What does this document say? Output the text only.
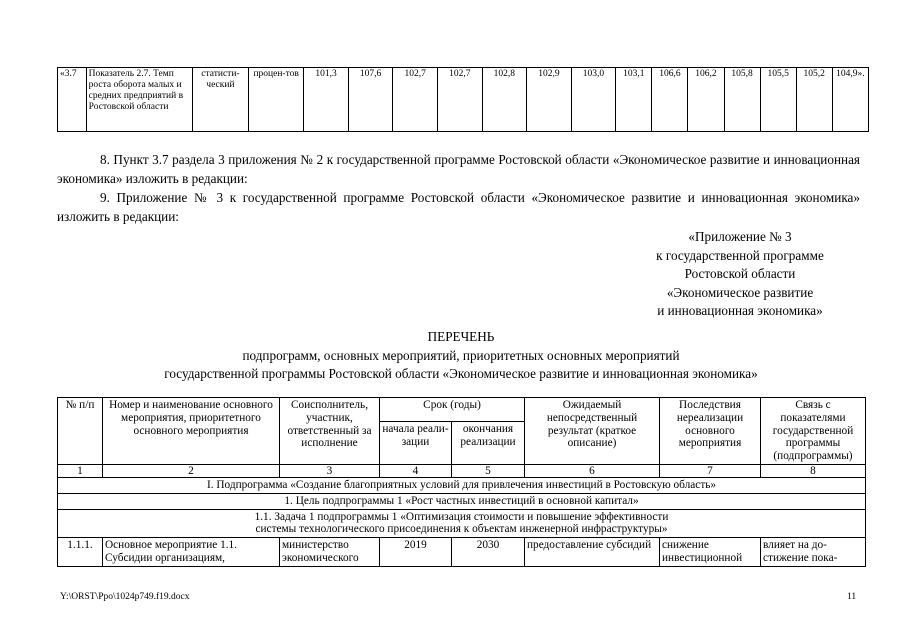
«3.7	Показатель 2.7. Темп роста оборота малых и средних предприятий в Ростовской области	статисти-ческий	процен-тов	101,3	107,6	102,7	102,7	102,8	102,9	103,0	103,1	106,6	106,2	105,8	105,5	105,2	104,9».

8. Пункт 3.7 раздела 3 приложения № 2 к государственной программе Ростовской области «Экономическое развитие и инновационная экономика» изложить в редакции:

9. Приложение № 3 к государственной программе Ростовской области «Экономическое развитие и инновационная экономика» изложить в редакции:

«Приложение № 3
к государственной программе
Ростовской области
«Экономическое развитие
и инновационная экономика»
ПЕРЕЧЕНЬ
подпрограмм, основных мероприятий, приоритетных основных мероприятий
государственной программы Ростовской области «Экономическое развитие и инновационная экономика»
№ п/п	Номер и наименование основного мероприятия, приоритетного основного мероприятия	Соисполнитель, участник, ответственный за исполнение	Срок (годы)		Ожидаемый непосредственный результат (краткое описание)	Последствия нереализации основного мероприятия	Связь с показателями государственной программы (подпрограммы)
			начала реали-зации	окончания реализации			
1	2	3	4	5	6	7	8
I. Подпрограмма «Создание благоприятных условий для привлечения инвестиций в Ростовскую область»							
1. Цель подпрограммы 1 «Рост частных инвестиций в основной капитал»							

1.1. Задача 1 подпрограммы 1 «Оптимизация стоимости и повышение эффективности
системы технологического присоединения к объектам инженерной инфраструктуры»							

1.1.1.	Основное мероприятие 1.1. Субсидии организациям,	министерство экономического	2019	2030	предоставление субсидий	снижение инвестиционной	влияет на до-стижение пока-
Y:\ORST\Ppo\1024p749.f19.docx	11
